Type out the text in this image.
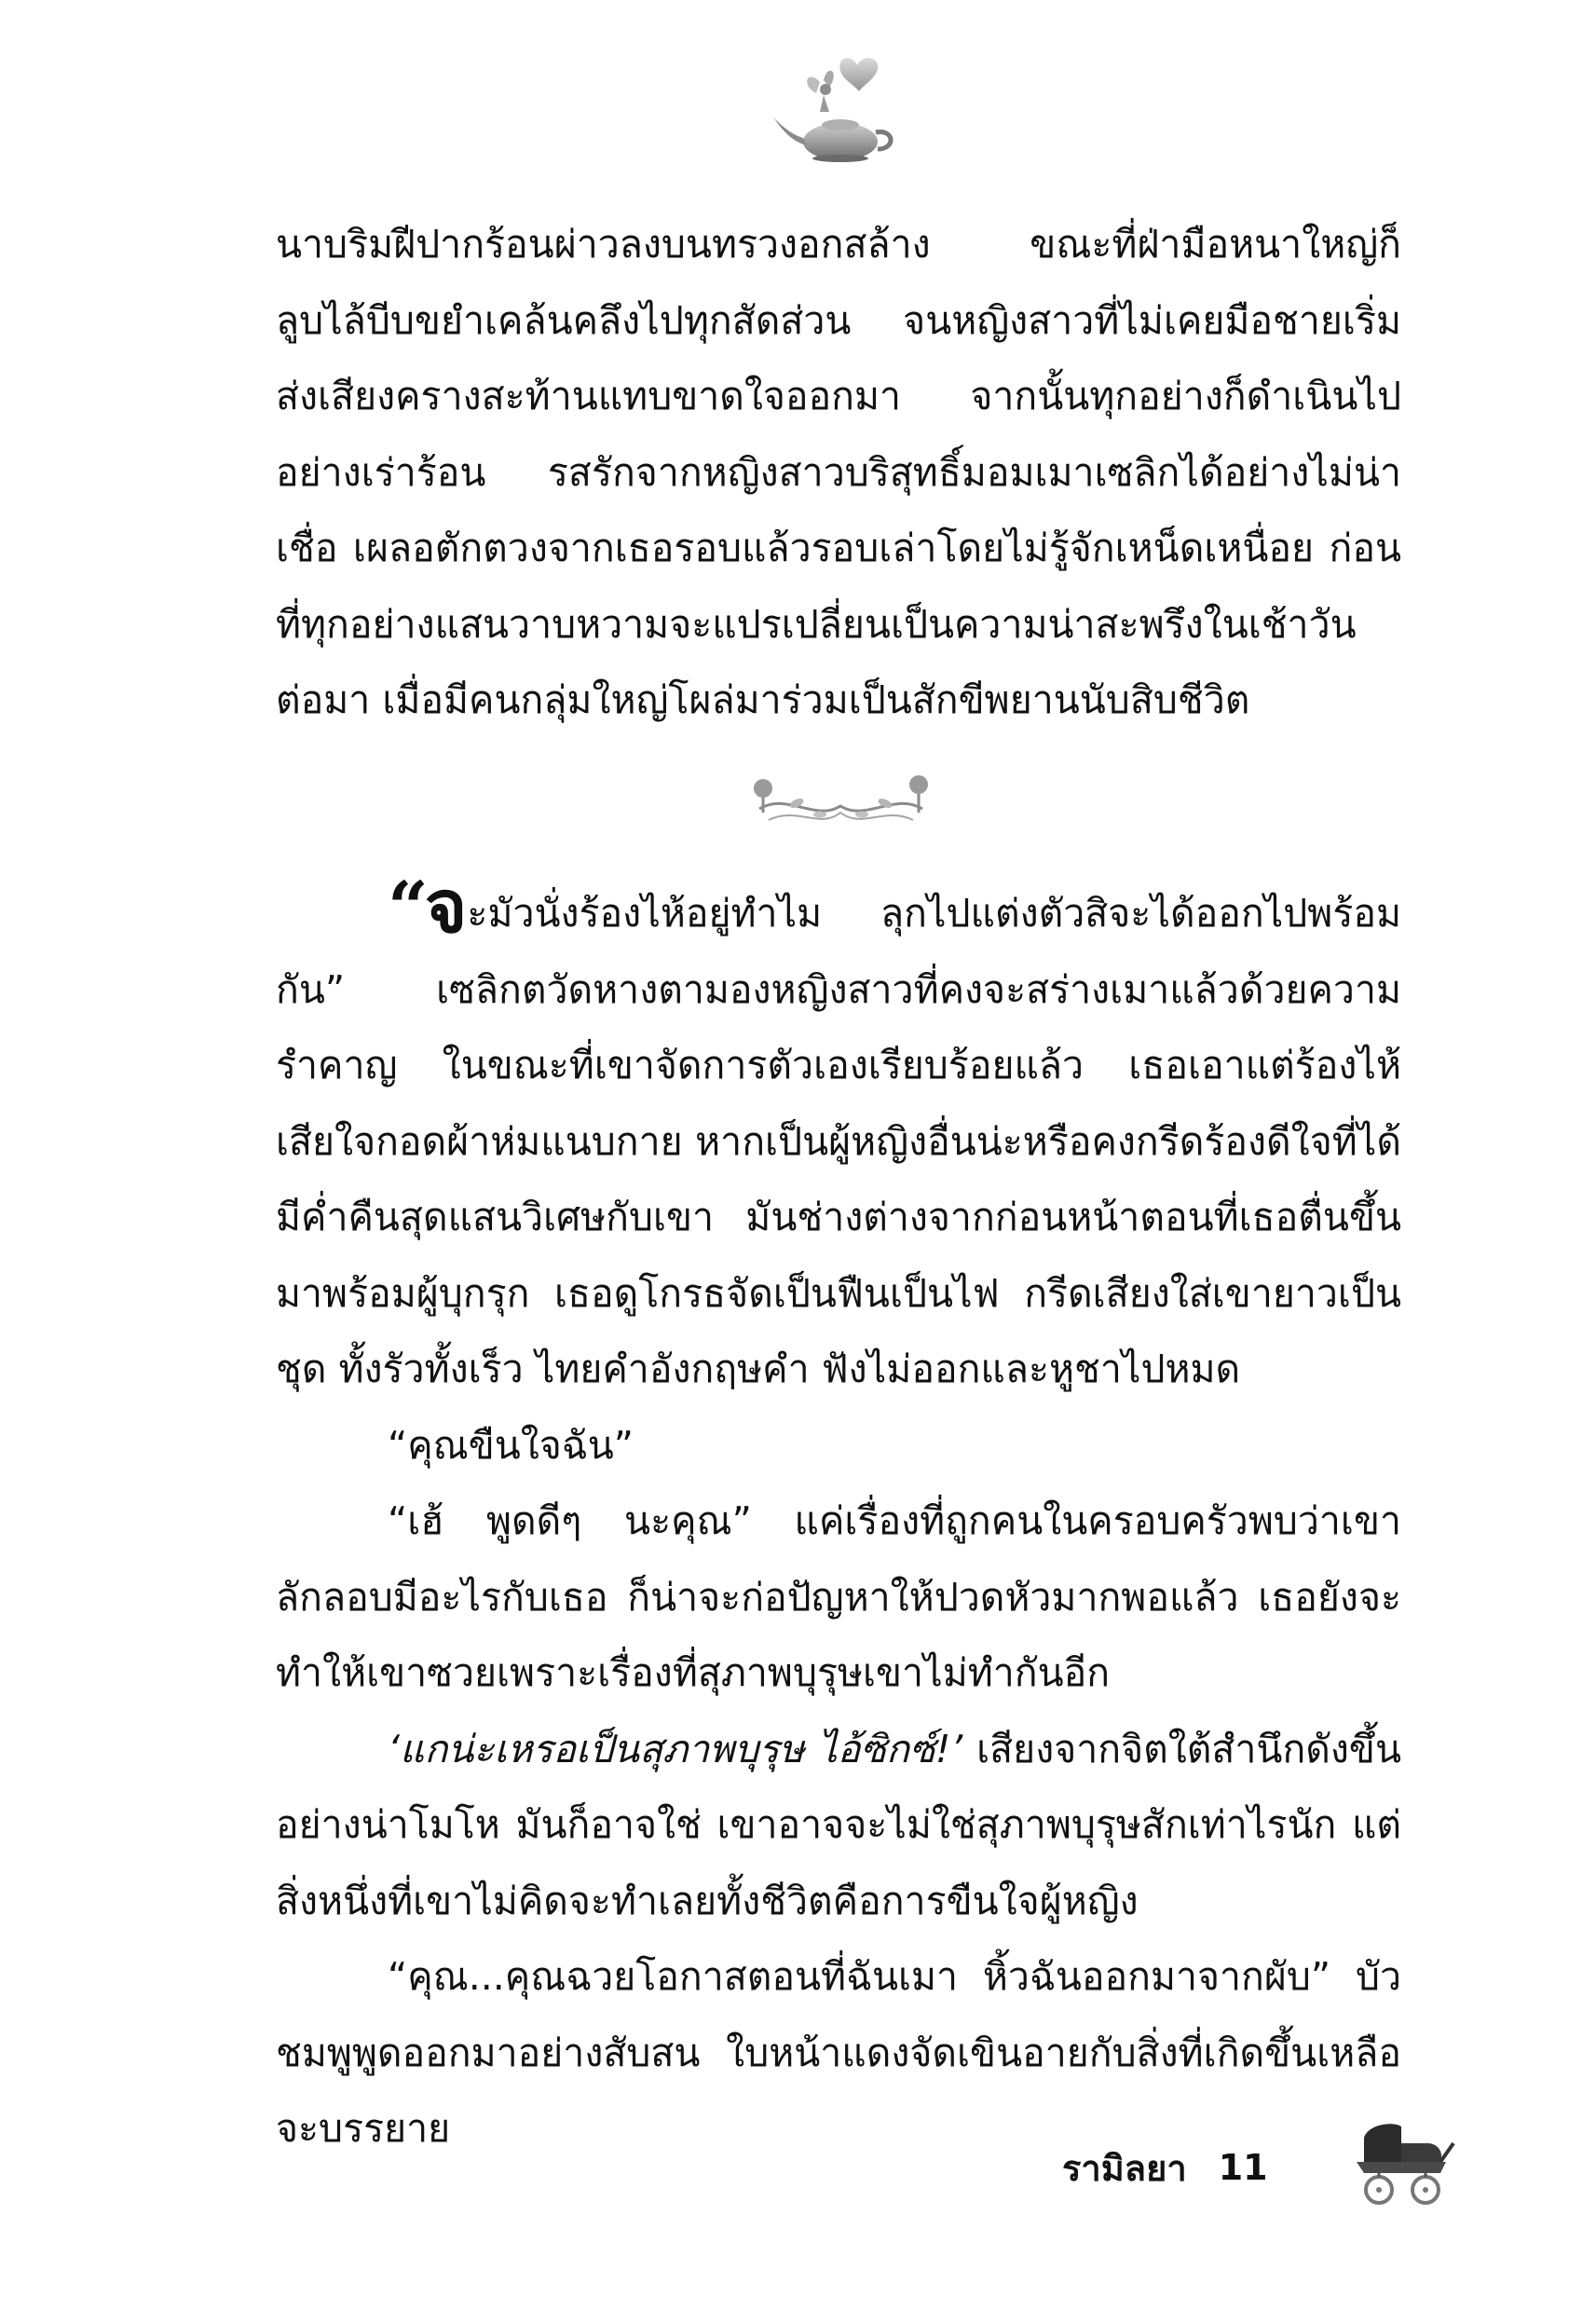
นาบริมฝีปากร้อนผ่าวลงบนทรวงอกสล้าง ขณะที่ฝ่ามือหนาใหญ่ก็ลูบไล้บีบขยำเคล้นคลึงไปทุกสัดส่วน จนหญิงสาวที่ไม่เคยมือชายเริ่มส่งเสียงครางสะท้านแทบขาดใจออกมา จากนั้นทุกอย่างก็ดำเนินไปอย่างเร่าร้อน รสรักจากหญิงสาวบริสุทธิ์มอมเมาเซลิกได้อย่างไม่น่าเชื่อ เผลอตักตวงจากเธอรอบแล้วรอบเล่าโดยไม่รู้จักเหน็ดเหนื่อย ก่อนที่ทุกอย่างแสนวาบหวามจะแปรเปลี่ยนเป็นความน่าสะพรึงในเช้าวันต่อมา เมื่อมีคนกลุ่มใหญ่โผล่มาร่วมเป็นสักขีพยานนับสิบชีวิต

“จะมัวนั่งร้องไห้อยู่ทำไม ลุกไปแต่งตัวสิจะได้ออกไปพร้อมกัน” เซลิกตวัดหางตามองหญิงสาวที่คงจะสร่างเมาแล้วด้วยความรำคาญ ในขณะที่เขาจัดการตัวเองเรียบร้อยแล้ว เธอเอาแต่ร้องไห้เสียใจกอดผ้าห่มแนบกาย หากเป็นผู้หญิงอื่นน่ะหรือคงกรีดร้องดีใจที่ได้มีค่ำคืนสุดแสนวิเศษกับเขา มันช่างต่างจากก่อนหน้าตอนที่เธอตื่นขึ้นมาพร้อมผู้บุกรุก เธอดูโกรธจัดเป็นฟืนเป็นไฟ กรีดเสียงใส่เขายาวเป็นชุด ทั้งรัวทั้งเร็ว ไทยคำอังกฤษคำ ฟังไม่ออกและหูชาไปหมด

“คุณขืนใจฉัน”

“เฮ้ พูดดีๆ นะคุณ” แค่เรื่องที่ถูกคนในครอบครัวพบว่าเขาลักลอบมีอะไรกับเธอ ก็น่าจะก่อปัญหาให้ปวดหัวมากพอแล้ว เธอยังจะทำให้เขาซวยเพราะเรื่องที่สุภาพบุรุษเขาไม่ทำกันอีก

‘แกน่ะเหรอเป็นสุภาพบุรุษ ไอ้ซิกซ์!’ เสียงจากจิตใต้สำนึกดังขึ้นอย่างน่าโมโห มันก็อาจใช่ เขาอาจจะไม่ใช่สุภาพบุรุษสักเท่าไรนัก แต่สิ่งหนึ่งที่เขาไม่คิดจะทำเลยทั้งชีวิตคือการขืนใจผู้หญิง

“คุณ...คุณฉวยโอกาสตอนที่ฉันเมา หิ้วฉันออกมาจากผับ” บัวชมพูพูดออกมาอย่างสับสน ใบหน้าแดงจัดเขินอายกับสิ่งที่เกิดขึ้นเหลือจะบรรยาย

รามิลยา 11
